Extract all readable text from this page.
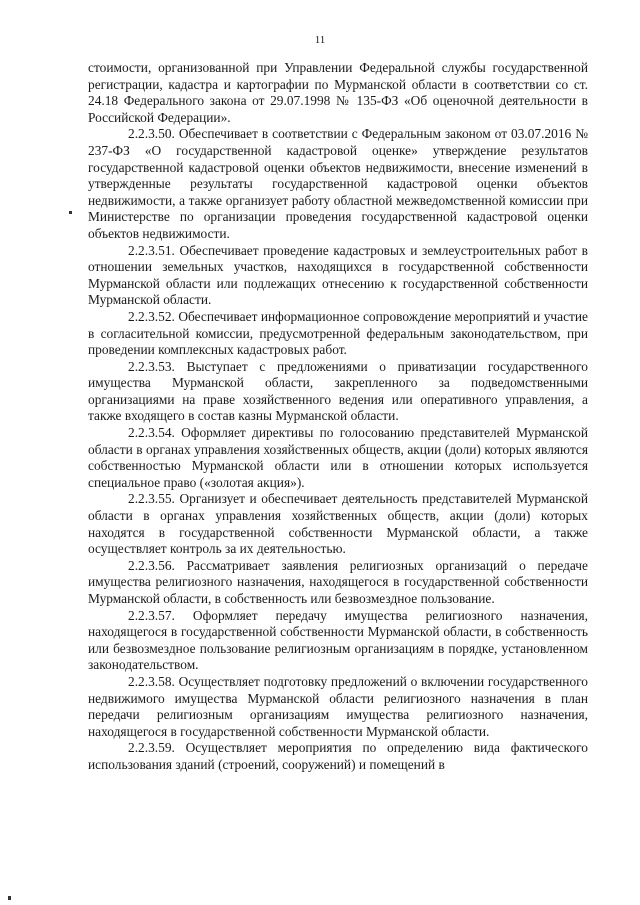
11

стоимости, организованной при Управлении Федеральной службы государственной регистрации, кадастра и картографии по Мурманской области в соответствии со ст. 24.18 Федерального закона от 29.07.1998 № 135-ФЗ «Об оценочной деятельности в Российской Федерации».

2.2.3.50. Обеспечивает в соответствии с Федеральным законом от 03.07.2016 № 237-ФЗ «О государственной кадастровой оценке» утверждение результатов государственной кадастровой оценки объектов недвижимости, внесение изменений в утвержденные результаты государственной кадастровой оценки объектов недвижимости, а также организует работу областной межведомственной комиссии при Министерстве по организации проведения государственной кадастровой оценки объектов недвижимости.

2.2.3.51. Обеспечивает проведение кадастровых и землеустроительных работ в отношении земельных участков, находящихся в государственной собственности Мурманской области или подлежащих отнесению к государственной собственности Мурманской области.

2.2.3.52. Обеспечивает информационное сопровождение мероприятий и участие в согласительной комиссии, предусмотренной федеральным законодательством, при проведении комплексных кадастровых работ.

2.2.3.53. Выступает с предложениями о приватизации государственного имущества Мурманской области, закрепленного за подведомственными организациями на праве хозяйственного ведения или оперативного управления, а также входящего в состав казны Мурманской области.

2.2.3.54. Оформляет директивы по голосованию представителей Мурманской области в органах управления хозяйственных обществ, акции (доли) которых являются собственностью Мурманской области или в отношении которых используется специальное право («золотая акция»).

2.2.3.55. Организует и обеспечивает деятельность представителей Мурманской области в органах управления хозяйственных обществ, акции (доли) которых находятся в государственной собственности Мурманской области, а также осуществляет контроль за их деятельностью.

2.2.3.56. Рассматривает заявления религиозных организаций о передаче имущества религиозного назначения, находящегося в государственной собственности Мурманской области, в собственность или безвозмездное пользование.

2.2.3.57. Оформляет передачу имущества религиозного назначения, находящегося в государственной собственности Мурманской области, в собственность или безвозмездное пользование религиозным организациям в порядке, установленном законодательством.

2.2.3.58. Осуществляет подготовку предложений о включении государственного недвижимого имущества Мурманской области религиозного назначения в план передачи религиозным организациям имущества религиозного назначения, находящегося в государственной собственности Мурманской области.

2.2.3.59. Осуществляет мероприятия по определению вида фактического использования зданий (строений, сооружений) и помещений в
